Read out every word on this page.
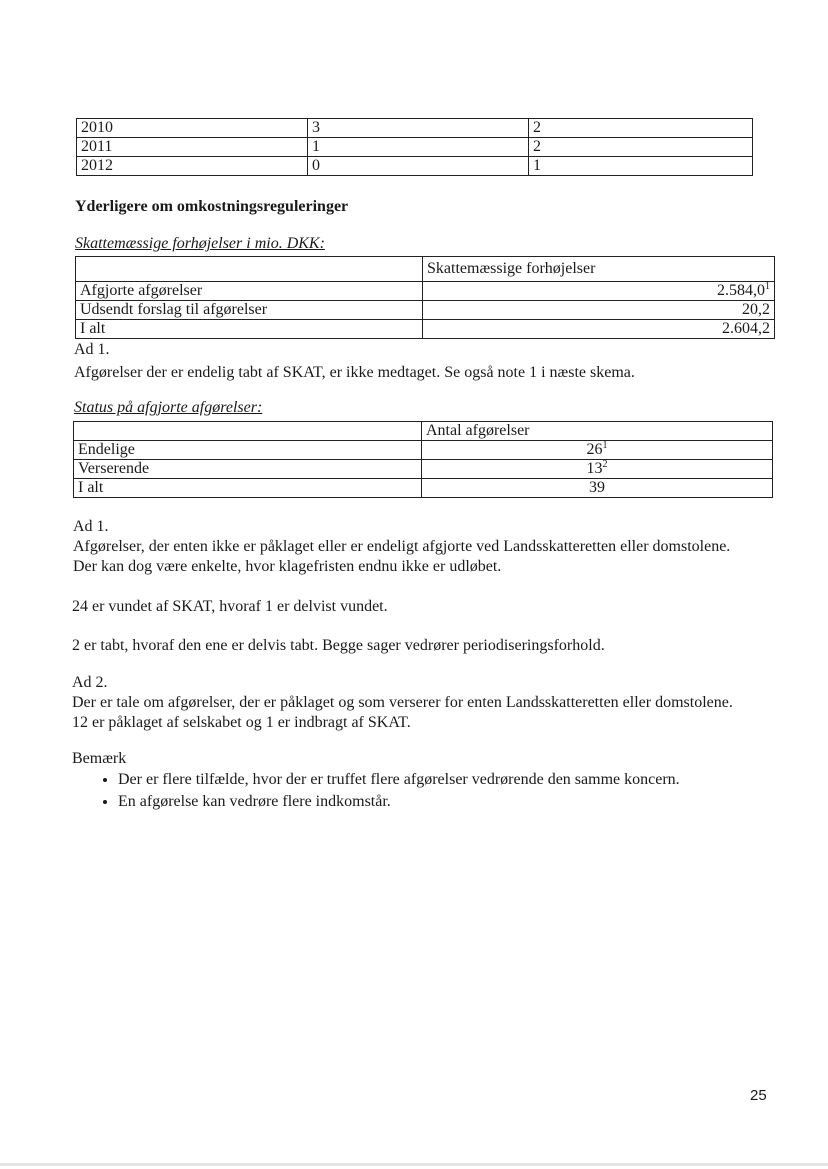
2010	3	2
2011	1	2
2012	0	1
Yderligere om omkostningsreguleringer
Skattemæssige forhøjelser i mio. DKK:
	Skattemæssige forhøjelser
Afgjorte afgørelser	2.584,0$^1$
Udsendt forslag til afgørelser	20,2
I alt	2.604,2
Ad 1.
Afgørelser der er endelig tabt af SKAT, er ikke medtaget. Se også note 1 i næste skema.
Status på afgjorte afgørelser:
	Antal afgørelser
Endelige	$26^1$
Verserende	$13^2$
I alt	39
Ad 1.
Afgørelser, der enten ikke er påklaget eller er endeligt afgjorte ved Landsskatteretten eller domstolene.
Der kan dog være enkelte, hvor klagefristen endnu ikke er udløbet.
24 er vundet af SKAT, hvoraf 1 er delvist vundet.
2 er tabt, hvoraf den ene er delvis tabt. Begge sager vedrører periodiseringsforhold.
Ad 2.
Der er tale om afgørelser, der er påklaget og som verserer for enten Landsskatteretten eller domstolene.
12 er påklaget af selskabet og 1 er indbragt af SKAT.
Bemærk
• Der er flere tilfælde, hvor der er truffet flere afgørelser vedrørende den samme koncern.
• En afgørelse kan vedrøre flere indkomstår.
25
